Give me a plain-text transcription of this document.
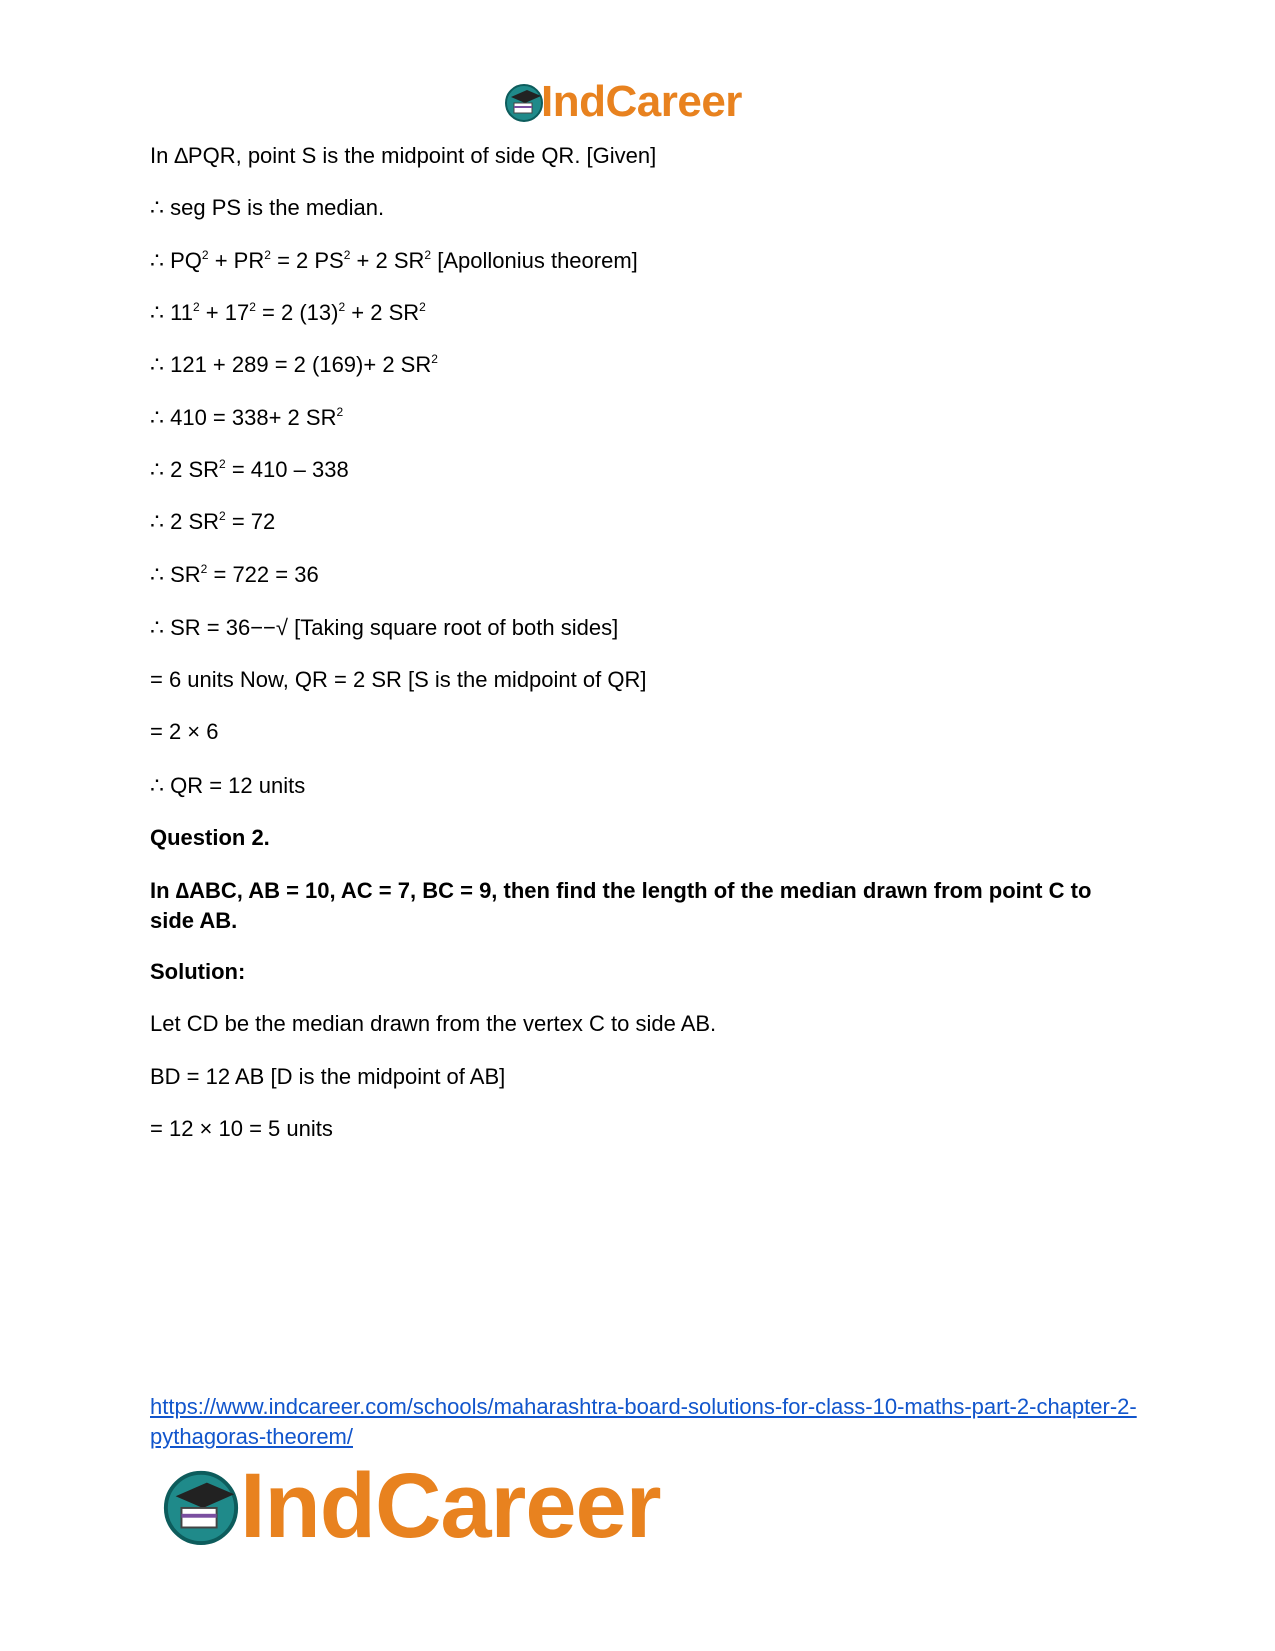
IndCareer
In ∆PQR, point S is the midpoint of side QR. [Given]
∴ seg PS is the median.
∴ $PQ^2 + PR^2 = 2$ $PS^2 + 2$ $SR^2$ [Apollonius theorem]
∴ $11^2 + 17^2 = 2$ $(13)^2 + 2$ $SR^2$
∴ 121 + 289 = 2 (169)+ 2 $SR^2$
∴ 410 = 338+ 2 $SR^2$
∴ 2 $SR^2 = 410 - 338$
∴ 2 $SR^2 = 72$
∴ $SR^2 = 722 = 36$
∴ SR = 36−−√ [Taking square root of both sides]
= 6 units Now, QR = 2 SR [S is the midpoint of QR]
= 2 × 6
∴ QR = 12 units
Question 2.
In ∆ABC, AB = 10, AC = 7, BC = 9, then find the length of the median drawn from point C to side AB.
Solution:
Let CD be the median drawn from the vertex C to side AB.
BD = 12 AB [D is the midpoint of AB]
= 12 × 10 = 5 units
https://www.indcareer.com/schools/maharashtra-board-solutions-for-class-10-maths-part-2-chapter-2-pythagoras-theorem/
IndCareer
